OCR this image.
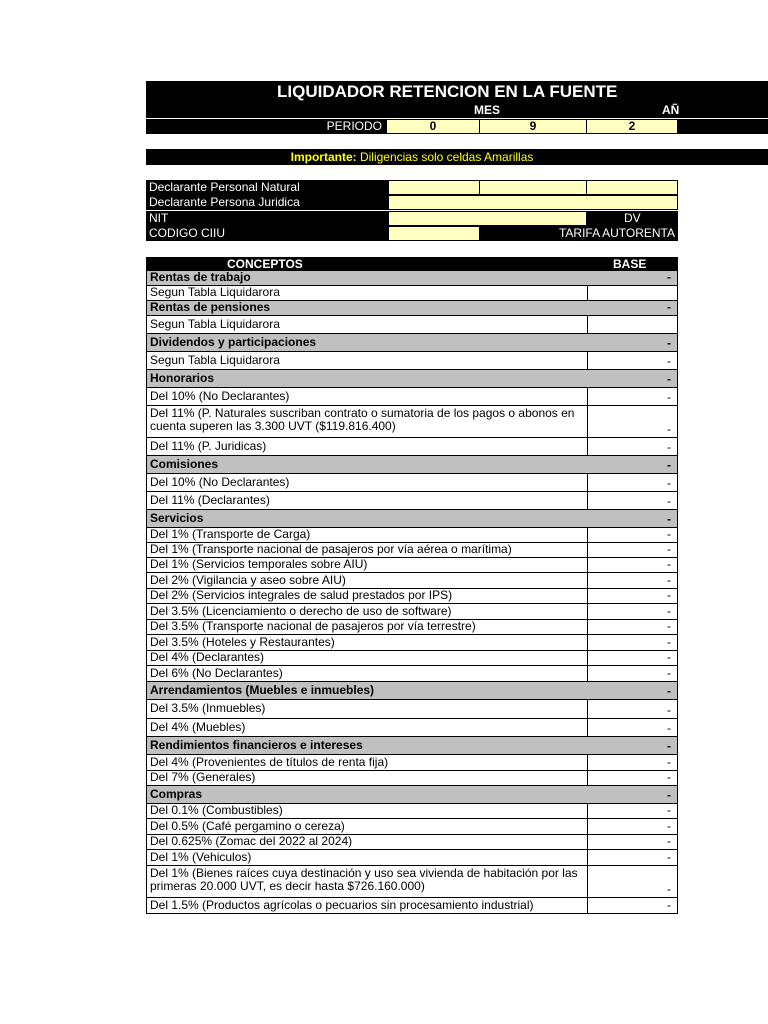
LIQUIDADOR RETENCION EN LA FUENTE
MES	AÑ
PERIODO	0	9	2
Importante: Diligencias solo celdas Amarillas
Declarante Personal Natural
Declarante Persona Juridica
NIT	DV
CODIGO CIIU	TARIFA AUTORENTA
CONCEPTOS	BASE
Rentas de trabajo	-
Segun Tabla Liquidarora
Rentas de pensiones	-
Segun Tabla Liquidarora
Dividendos y participaciones	-
Segun Tabla Liquidarora	-
Honorarios	-
Del 10% (No Declarantes)	-
Del 11% (P. Naturales suscriban contrato o sumatoria de los pagos o abonos en cuenta superen las 3.300 UVT ($119.816.400)	-
Del 11% (P. Juridicas)	-
Comisiones	-
Del 10% (No Declarantes)	-
Del 11% (Declarantes)	-
Servicios	-
Del 1% (Transporte de Carga)	-
Del 1% (Transporte nacional de pasajeros por vía aérea o marítima)	-
Del 1% (Servicios temporales sobre AIU)	-
Del 2% (Vigilancia y aseo sobre AIU)	-
Del 2% (Servicios integrales de salud prestados por IPS)	-
Del 3.5% (Licenciamiento o derecho de uso de software)	-
Del 3.5% (Transporte nacional de pasajeros por vía terrestre)	-
Del 3.5% (Hoteles y Restaurantes)	-
Del 4% (Declarantes)	-
Del 6% (No Declarantes)	-
Arrendamientos (Muebles e inmuebles)	-
Del 3.5% (Inmuebles)	-
Del 4% (Muebles)	-
Rendimientos financieros e intereses	-
Del 4% (Provenientes de títulos de renta fija)	-
Del 7% (Generales)	-
Compras	-
Del 0.1% (Combustibles)	-
Del 0.5% (Café pergamino o cereza)	-
Del 0.625% (Zomac del 2022 al 2024)	-
Del 1% (Vehiculos)	-
Del 1% (Bienes raíces cuya destinación y uso sea vivienda de habitación por las primeras 20.000 UVT, es decir hasta $726.160.000)	-
Del 1.5% (Productos agrícolas o pecuarios sin procesamiento industrial)	-
